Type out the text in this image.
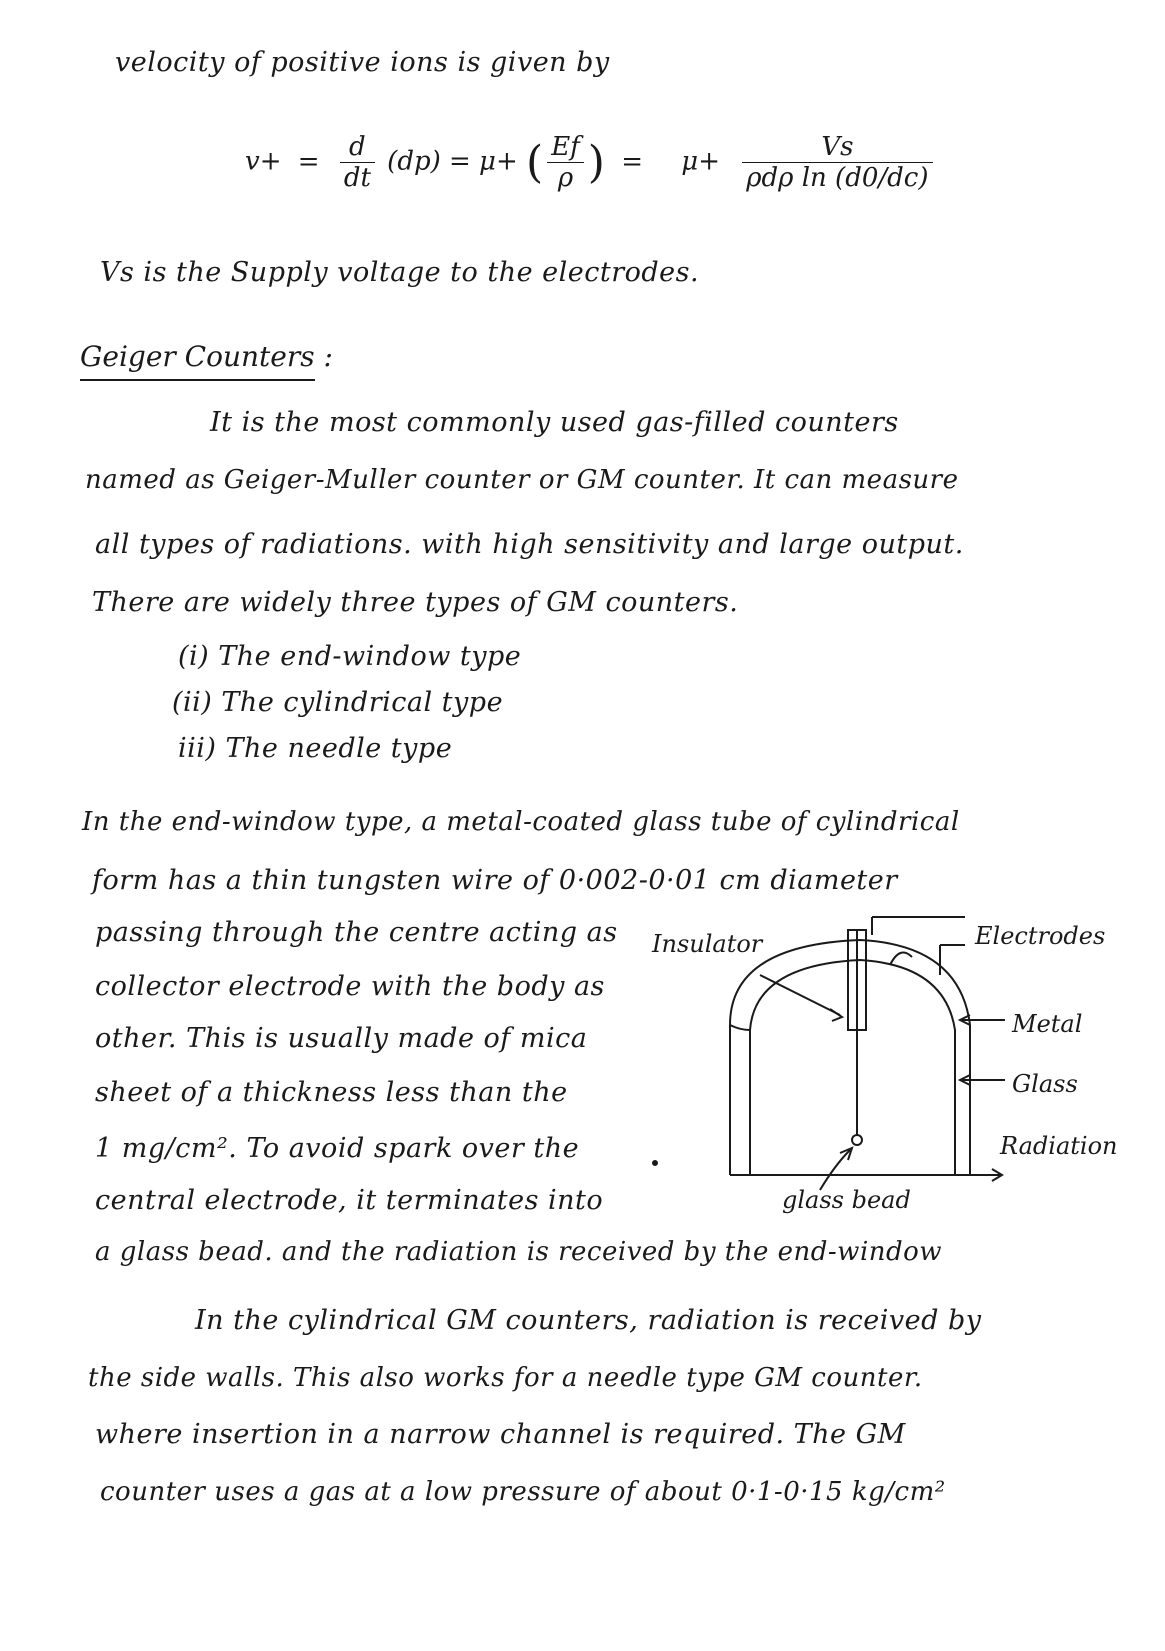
velocity of positive ions is given by
$v+ = \frac{d}{dt} (dp) = \mu+$ ( $\frac{Ef}{\rho}$ ) = $\mu+ \frac{Vs}{\text{ρdρ ln (d0/dc)}}$
Vs is the Supply voltage to the electrodes.
Geiger Counters :
It is the most commonly used gas-filled counters
named as Geiger-Muller counter or GM counter. It can measure
all types of radiations. with high sensitivity and large output.
There are widely three types of GM counters.
(i) The end-window type
(ii) The cylindrical type
iii) The needle type
In the end-window type, a metal-coated glass tube of cylindrical
form has a thin tungsten wire of 0·002-0·01 cm diameter
passing through the centre acting as
collector electrode with the body as
other. This is usually made of mica
sheet of a thickness less than the
1 mg/cm². To avoid spark over the
central electrode, it terminates into
a glass bead. and the radiation is received by the end-window
In the cylindrical GM counters, radiation is received by
the side walls. This also works for a needle type GM counter.
where insertion in a narrow channel is required. The GM
counter uses a gas at a low pressure of about 0·1-0·15 kg/cm²
Insulator	Electrodes
Metal
Glass
Radiation
glass bead
